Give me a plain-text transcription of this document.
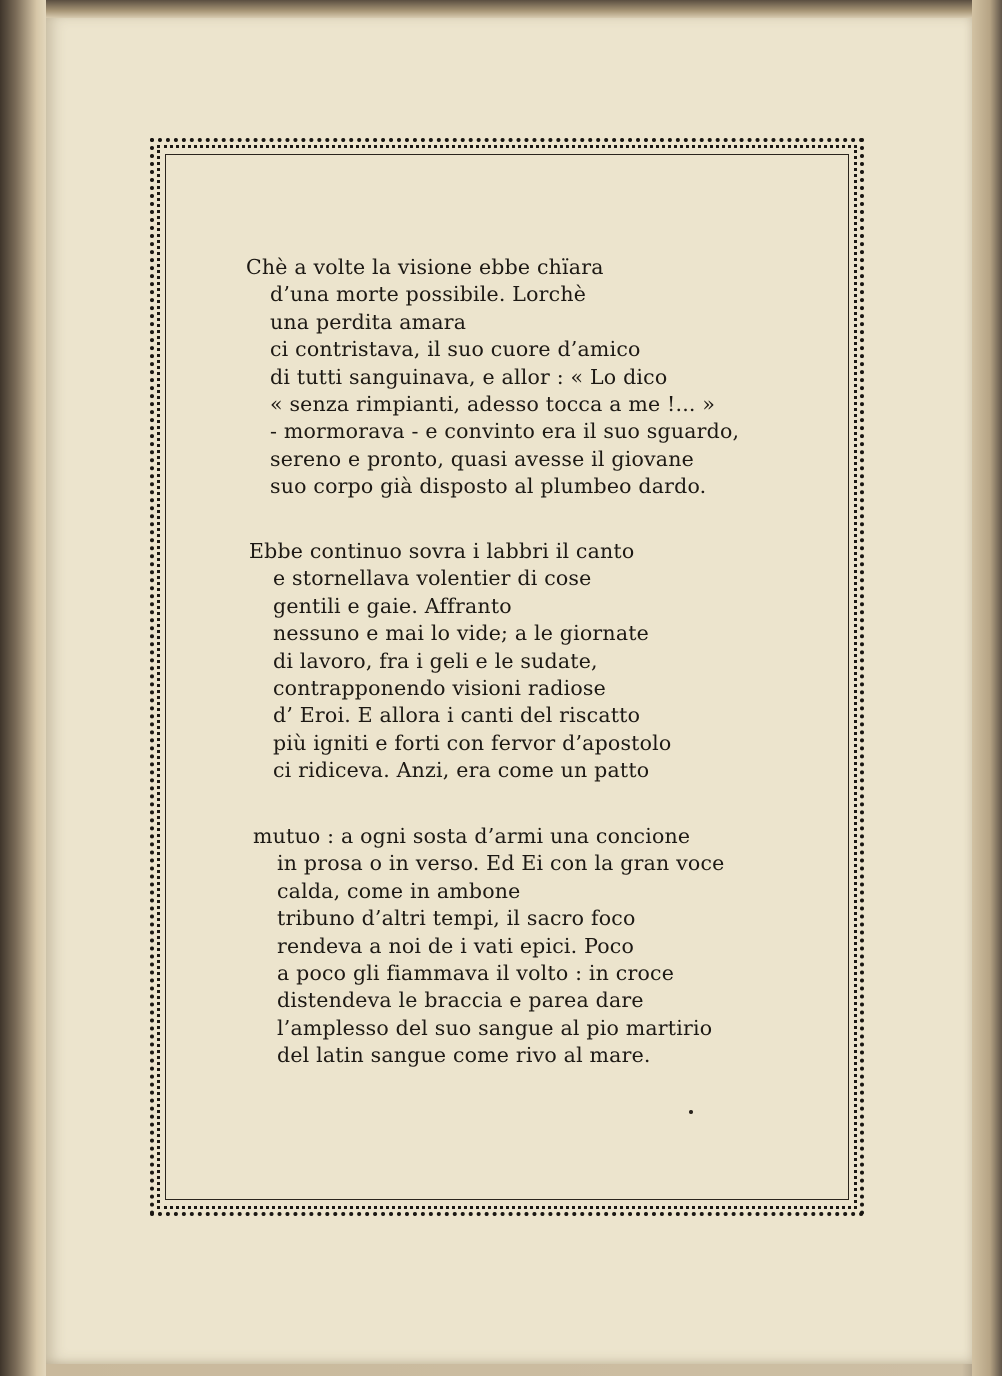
Chè a volte la visione ebbe chïara
d’una morte possibile. Lorchè
una perdita amara
ci contristava, il suo cuore d’amico
di tutti sanguinava, e allor : « Lo dico
« senza rimpianti, adesso tocca a me !... »
- mormorava - e convinto era il suo sguardo,
sereno e pronto, quasi avesse il giovane
suo corpo già disposto al plumbeo dardo.
Ebbe continuo sovra i labbri il canto
e stornellava volentier di cose
gentili e gaie. Affranto
nessuno e mai lo vide; a le giornate
di lavoro, fra i geli e le sudate,
contrapponendo visioni radiose
d’ Eroi. E allora i canti del riscatto
più igniti e forti con fervor d’apostolo
ci ridiceva. Anzi, era come un patto
mutuo : a ogni sosta d’armi una concione
in prosa o in verso. Ed Ei con la gran voce
calda, come in ambone
tribuno d’altri tempi, il sacro foco
rendeva a noi de i vati epici. Poco
a poco gli fiammava il volto : in croce
distendeva le braccia e parea dare
l’amplesso del suo sangue al pio martirio
del latin sangue come rivo al mare.
